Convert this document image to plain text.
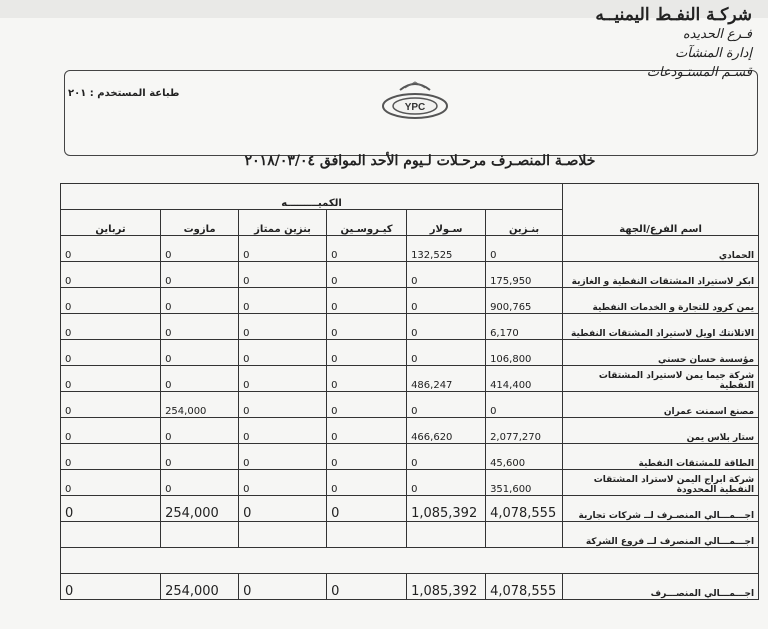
شركـة النفـط اليمنيــه
فـرع الحديده
إدارة المنشآت
قسـم المستـودعات
YPC
طباعة المستخدم : ٢٠١
خلاصـة المنصـرف مرحـلات لـيوم الأحد الموافق ٢٠١٨/٠٣/٠٤
اسم الفرع/الجهة	الكميـــــــــه					
	بنـزين	سـولار	كيـروسـين	بنزين ممتاز	مازوت	ترباين
الحمادي	0	132,525	0	0	0	0
ابكر لاستيراد المشتقات النفطية و الغازية	175,950	0	0	0	0	0
يمن كرود للتجارة و الخدمات النفطية	900,765	0	0	0	0	0
الاتلانتك اويل لاستيراد المشتقات النفطية	6,170	0	0	0	0	0
مؤسسة حسان حسني	106,800	0	0	0	0	0
شركة جيما يمن لاستيراد المشتقات النفطية	414,400	486,247	0	0	0	0
مصنع اسمنت عمران	0	0	0	0	254,000	0
ستار بلاس يمن	2,077,270	466,620	0	0	0	0
الطاقة للمشتقات النفطية	45,600	0	0	0	0	0
شركة ابراج اليمن لاستراد المشتقات النفطية المحدودة	351,600	0	0	0	0	0
اجـــمـــالي المنصـرف لــ شركات تجارية	4,078,555	1,085,392	0	0	254,000	0
اجـــمـــالي المنصرف لــ فروع الشركة						

اجـــمـــالي المنصـــرف	4,078,555	1,085,392	0	0	254,000	0
